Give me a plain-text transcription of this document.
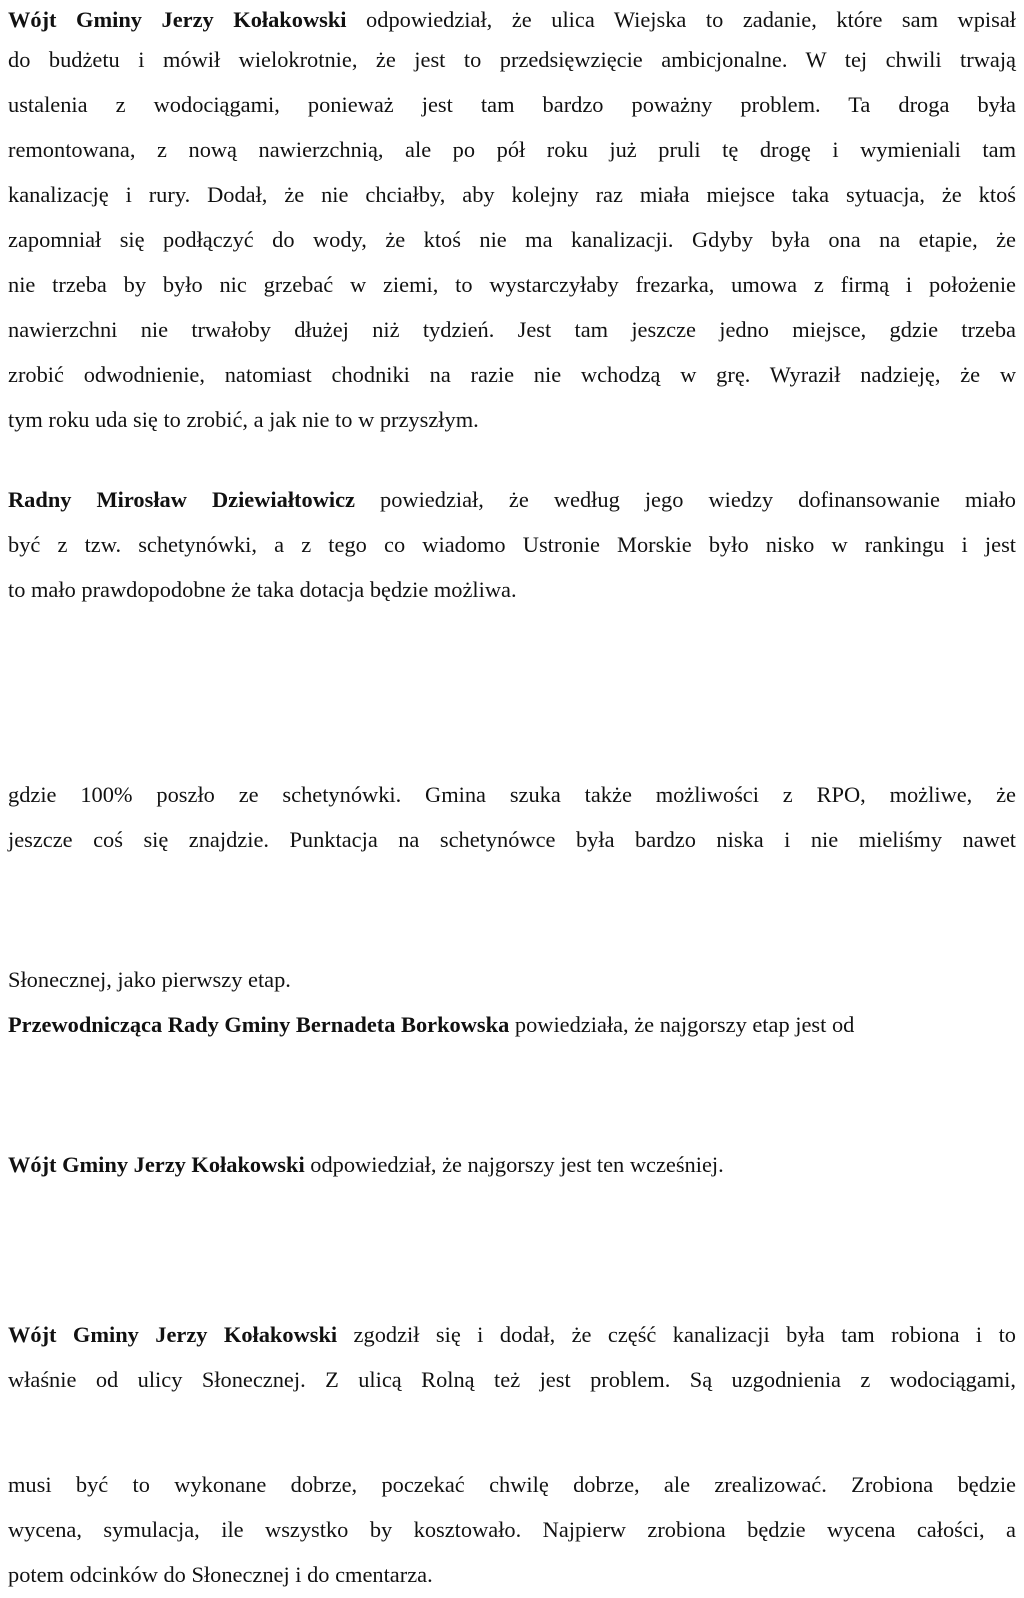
Wójt Gminy Jerzy Kołakowski odpowiedział, że ulica Wiejska to zadanie, które sam wpisał
do budżetu i mówił wielokrotnie, że jest to przedsięwzięcie ambicjonalne. W tej chwili trwają
ustalenia z wodociągami, ponieważ jest tam bardzo poważny problem. Ta droga była
remontowana, z nową nawierzchnią, ale po pół roku już pruli tę drogę i wymieniali tam
kanalizację i rury. Dodał, że nie chciałby, aby kolejny raz miała miejsce taka sytuacja, że ktoś
zapomniał się podłączyć do wody, że ktoś nie ma kanalizacji. Gdyby była ona na etapie, że
nie trzeba by było nic grzebać w ziemi, to wystarczyłaby frezarka, umowa z firmą i położenie
nawierzchni nie trwałoby dłużej niż tydzień. Jest tam jeszcze jedno miejsce, gdzie trzeba
zrobić odwodnienie, natomiast chodniki na razie nie wchodzą w grę. Wyraził nadzieję, że w
tym roku uda się to zrobić, a jak nie to w przyszłym.
Radny Mirosław Dziewiałtowicz powiedział, że według jego wiedzy dofinansowanie miało
być z tzw. schetynówki, a z tego co wiadomo Ustronie Morskie było nisko w rankingu i jest
to mało prawdopodobne że taka dotacja będzie możliwa.
gdzie 100% poszło ze schetynówki. Gmina szuka także możliwości z RPO, możliwe, że
jeszcze coś się znajdzie. Punktacja na schetynówce była bardzo niska i nie mieliśmy nawet
Słonecznej, jako pierwszy etap.
Przewodnicząca Rady Gminy Bernadeta Borkowska powiedziała, że najgorszy etap jest od
Wójt Gminy Jerzy Kołakowski odpowiedział, że najgorszy jest ten wcześniej.
Wójt Gminy Jerzy Kołakowski zgodził się i dodał, że część kanalizacji była tam robiona i to
właśnie od ulicy Słonecznej. Z ulicą Rolną też jest problem. Są uzgodnienia z wodociągami,
musi być to wykonane dobrze, poczekać chwilę dobrze, ale zrealizować. Zrobiona będzie
wycena, symulacja, ile wszystko by kosztowało. Najpierw zrobiona będzie wycena całości, a
potem odcinków do Słonecznej i do cmentarza.
